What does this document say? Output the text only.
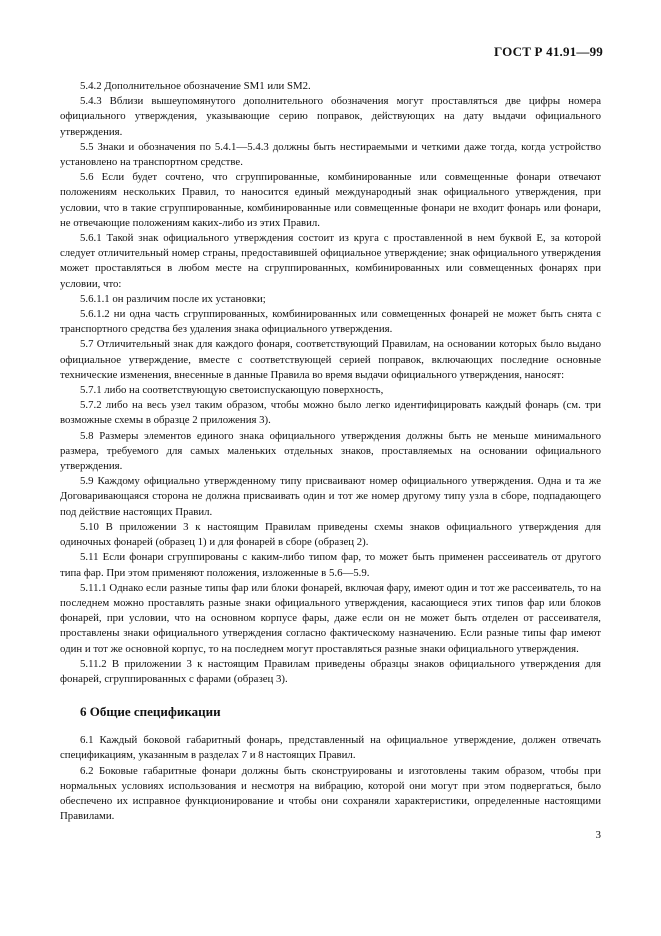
ГОСТ Р 41.91—99

5.4.2 Дополнительное обозначение SM1 или SM2.

5.4.3 Вблизи вышеупомянутого дополнительного обозначения могут проставляться две цифры номера официального утверждения, указывающие серию поправок, действующих на дату выдачи официального утверждения.

5.5 Знаки и обозначения по 5.4.1—5.4.3 должны быть нестираемыми и четкими даже тогда, когда устройство установлено на транспортном средстве.

5.6 Если будет сочтено, что сгруппированные, комбинированные или совмещенные фонари отвечают положениям нескольких Правил, то наносится единый международный знак официального утверждения, при условии, что в такие сгруппированные, комбинированные или совмещенные фонари не входит фонарь или фонари, не отвечающие положениям каких-либо из этих Правил.

5.6.1 Такой знак официального утверждения состоит из круга с проставленной в нем буквой Е, за которой следует отличительный номер страны, предоставившей официальное утверждение; знак официального утверждения может проставляться в любом месте на сгруппированных, комбинированных или совмещенных фонарях при условии, что:

5.6.1.1 он различим после их установки;

5.6.1.2 ни одна часть сгруппированных, комбинированных или совмещенных фонарей не может быть снята с транспортного средства без удаления знака официального утверждения.

5.7 Отличительный знак для каждого фонаря, соответствующий Правилам, на основании которых было выдано официальное утверждение, вместе с соответствующей серией поправок, включающих последние основные технические изменения, внесенные в данные Правила во время выдачи официального утверждения, наносят:

5.7.1 либо на соответствующую светоиспускающую поверхность,

5.7.2 либо на весь узел таким образом, чтобы можно было легко идентифицировать каждый фонарь (см. три возможные схемы в образце 2 приложения 3).

5.8 Размеры элементов единого знака официального утверждения должны быть не меньше минимального размера, требуемого для самых маленьких отдельных знаков, проставляемых на основании официального утверждения.

5.9 Каждому официально утвержденному типу присваивают номер официального утверждения. Одна и та же Договаривающаяся сторона не должна присваивать один и тот же номер другому типу узла в сборе, подпадающего под действие настоящих Правил.

5.10 В приложении 3 к настоящим Правилам приведены схемы знаков официального утверждения для одиночных фонарей (образец 1) и для фонарей в сборе (образец 2).

5.11 Если фонари сгруппированы с каким-либо типом фар, то может быть применен рассеиватель от другого типа фар. При этом применяют положения, изложенные в 5.6—5.9.

5.11.1 Однако если разные типы фар или блоки фонарей, включая фару, имеют один и тот же рассеиватель, то на последнем можно проставлять разные знаки официального утверждения, касающиеся этих типов фар или блоков фонарей, при условии, что на основном корпусе фары, даже если он не может быть отделен от рассеивателя, проставлены знаки официального утверждения согласно фактическому назначению. Если разные типы фар имеют один и тот же основной корпус, то на последнем могут проставляться разные знаки официального утверждения.

5.11.2 В приложении 3 к настоящим Правилам приведены образцы знаков официального утверждения для фонарей, сгруппированных с фарами (образец 3).

6 Общие спецификации

6.1 Каждый боковой габаритный фонарь, представленный на официальное утверждение, должен отвечать спецификациям, указанным в разделах 7 и 8 настоящих Правил.

6.2 Боковые габаритные фонари должны быть сконструированы и изготовлены таким образом, чтобы при нормальных условиях использования и несмотря на вибрацию, которой они могут при этом подвергаться, было обеспечено их исправное функционирование и чтобы они сохраняли характеристики, определенные настоящими Правилами.

3
